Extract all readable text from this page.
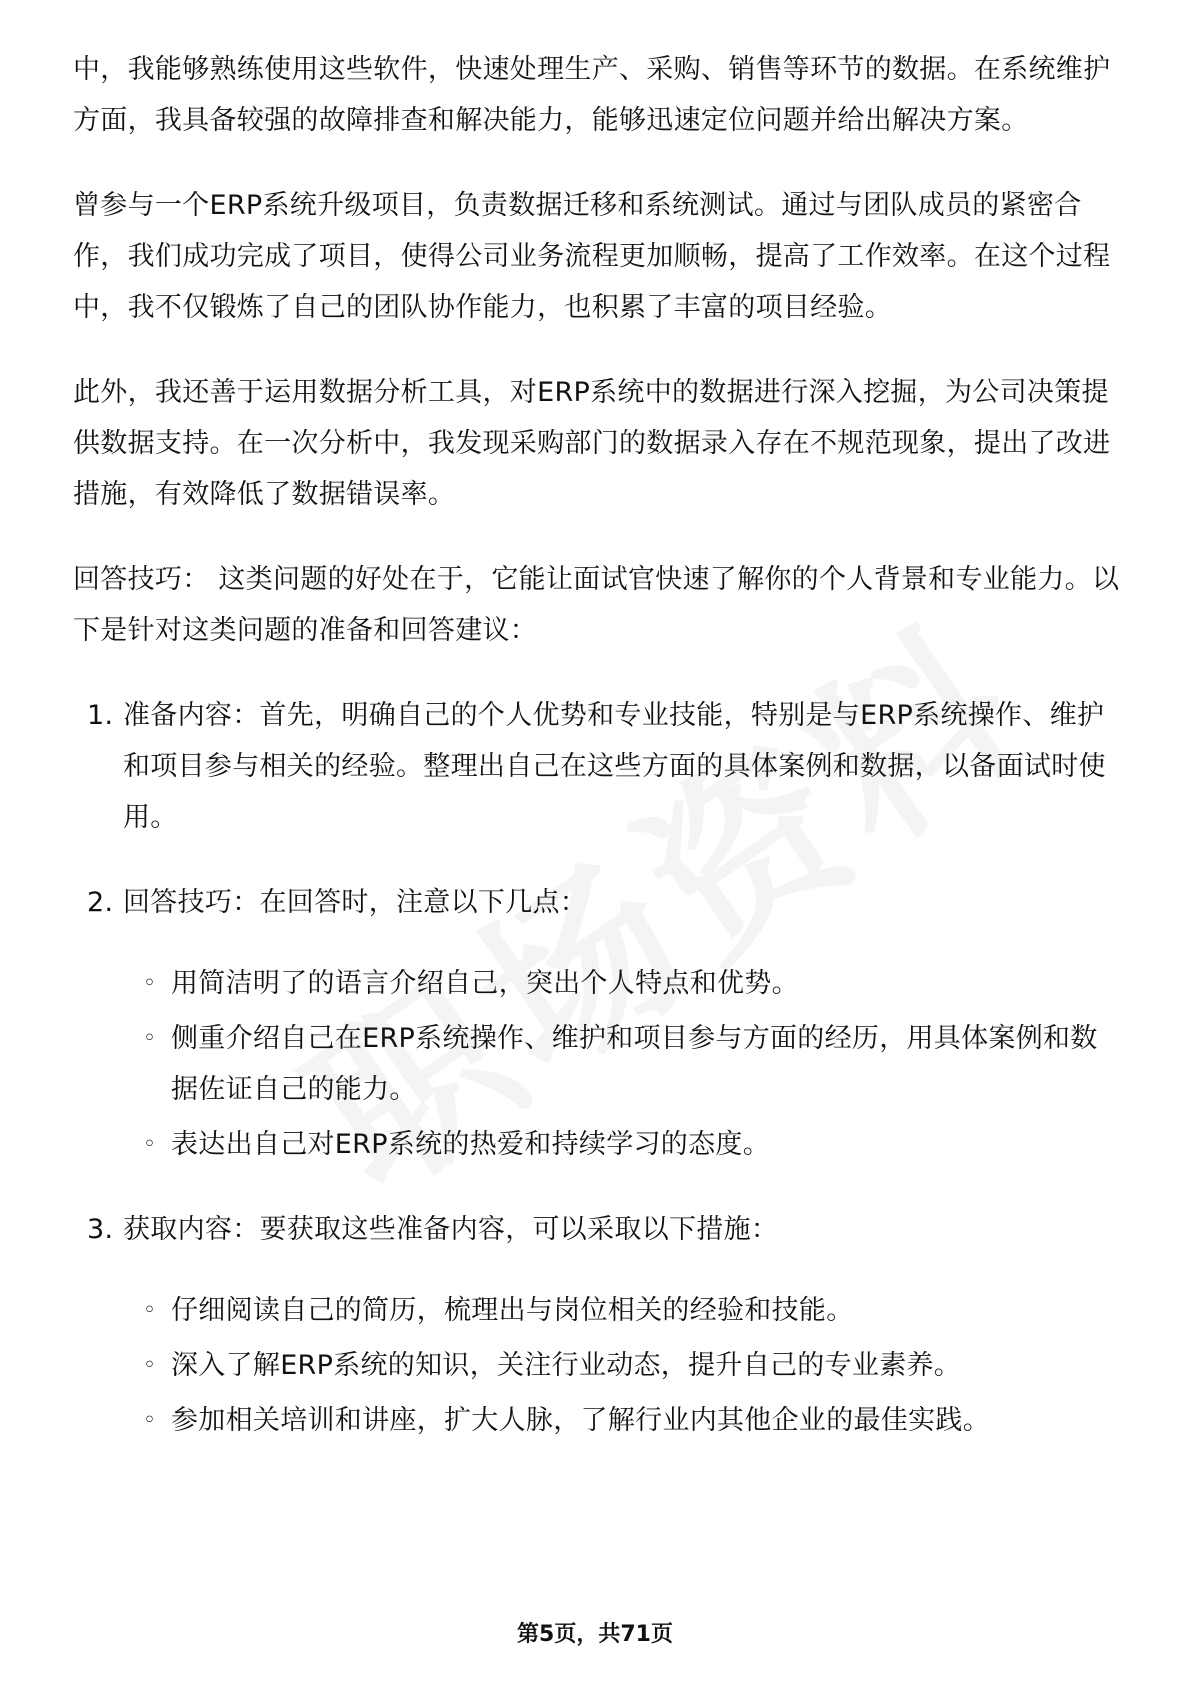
中，我能够熟练使用这些软件，快速处理生产、采购、销售等环节的数据。在系统维护方面，我具备较强的故障排查和解决能力，能够迅速定位问题并给出解决方案。

曾参与一个ERP系统升级项目，负责数据迁移和系统测试。通过与团队成员的紧密合作，我们成功完成了项目，使得公司业务流程更加顺畅，提高了工作效率。在这个过程中，我不仅锻炼了自己的团队协作能力，也积累了丰富的项目经验。

此外，我还善于运用数据分析工具，对ERP系统中的数据进行深入挖掘，为公司决策提供数据支持。在一次分析中，我发现采购部门的数据录入存在不规范现象，提出了改进措施，有效降低了数据错误率。

回答技巧： 这类问题的好处在于，它能让面试官快速了解你的个人背景和专业能力。以下是针对这类问题的准备和回答建议：

1. 准备内容：首先，明确自己的个人优势和专业技能，特别是与ERP系统操作、维护和项目参与相关的经验。整理出自己在这些方面的具体案例和数据，以备面试时使用。
2. 回答技巧：在回答时，注意以下几点：
◦ 用简洁明了的语言介绍自己，突出个人特点和优势。
◦ 侧重介绍自己在ERP系统操作、维护和项目参与方面的经历，用具体案例和数据佐证自己的能力。
◦ 表达出自己对ERP系统的热爱和持续学习的态度。
3. 获取内容：要获取这些准备内容，可以采取以下措施：
◦ 仔细阅读自己的简历，梳理出与岗位相关的经验和技能。
◦ 深入了解ERP系统的知识，关注行业动态，提升自己的专业素养。
◦ 参加相关培训和讲座，扩大人脉，了解行业内其他企业的最佳实践。
第5页，共71页
